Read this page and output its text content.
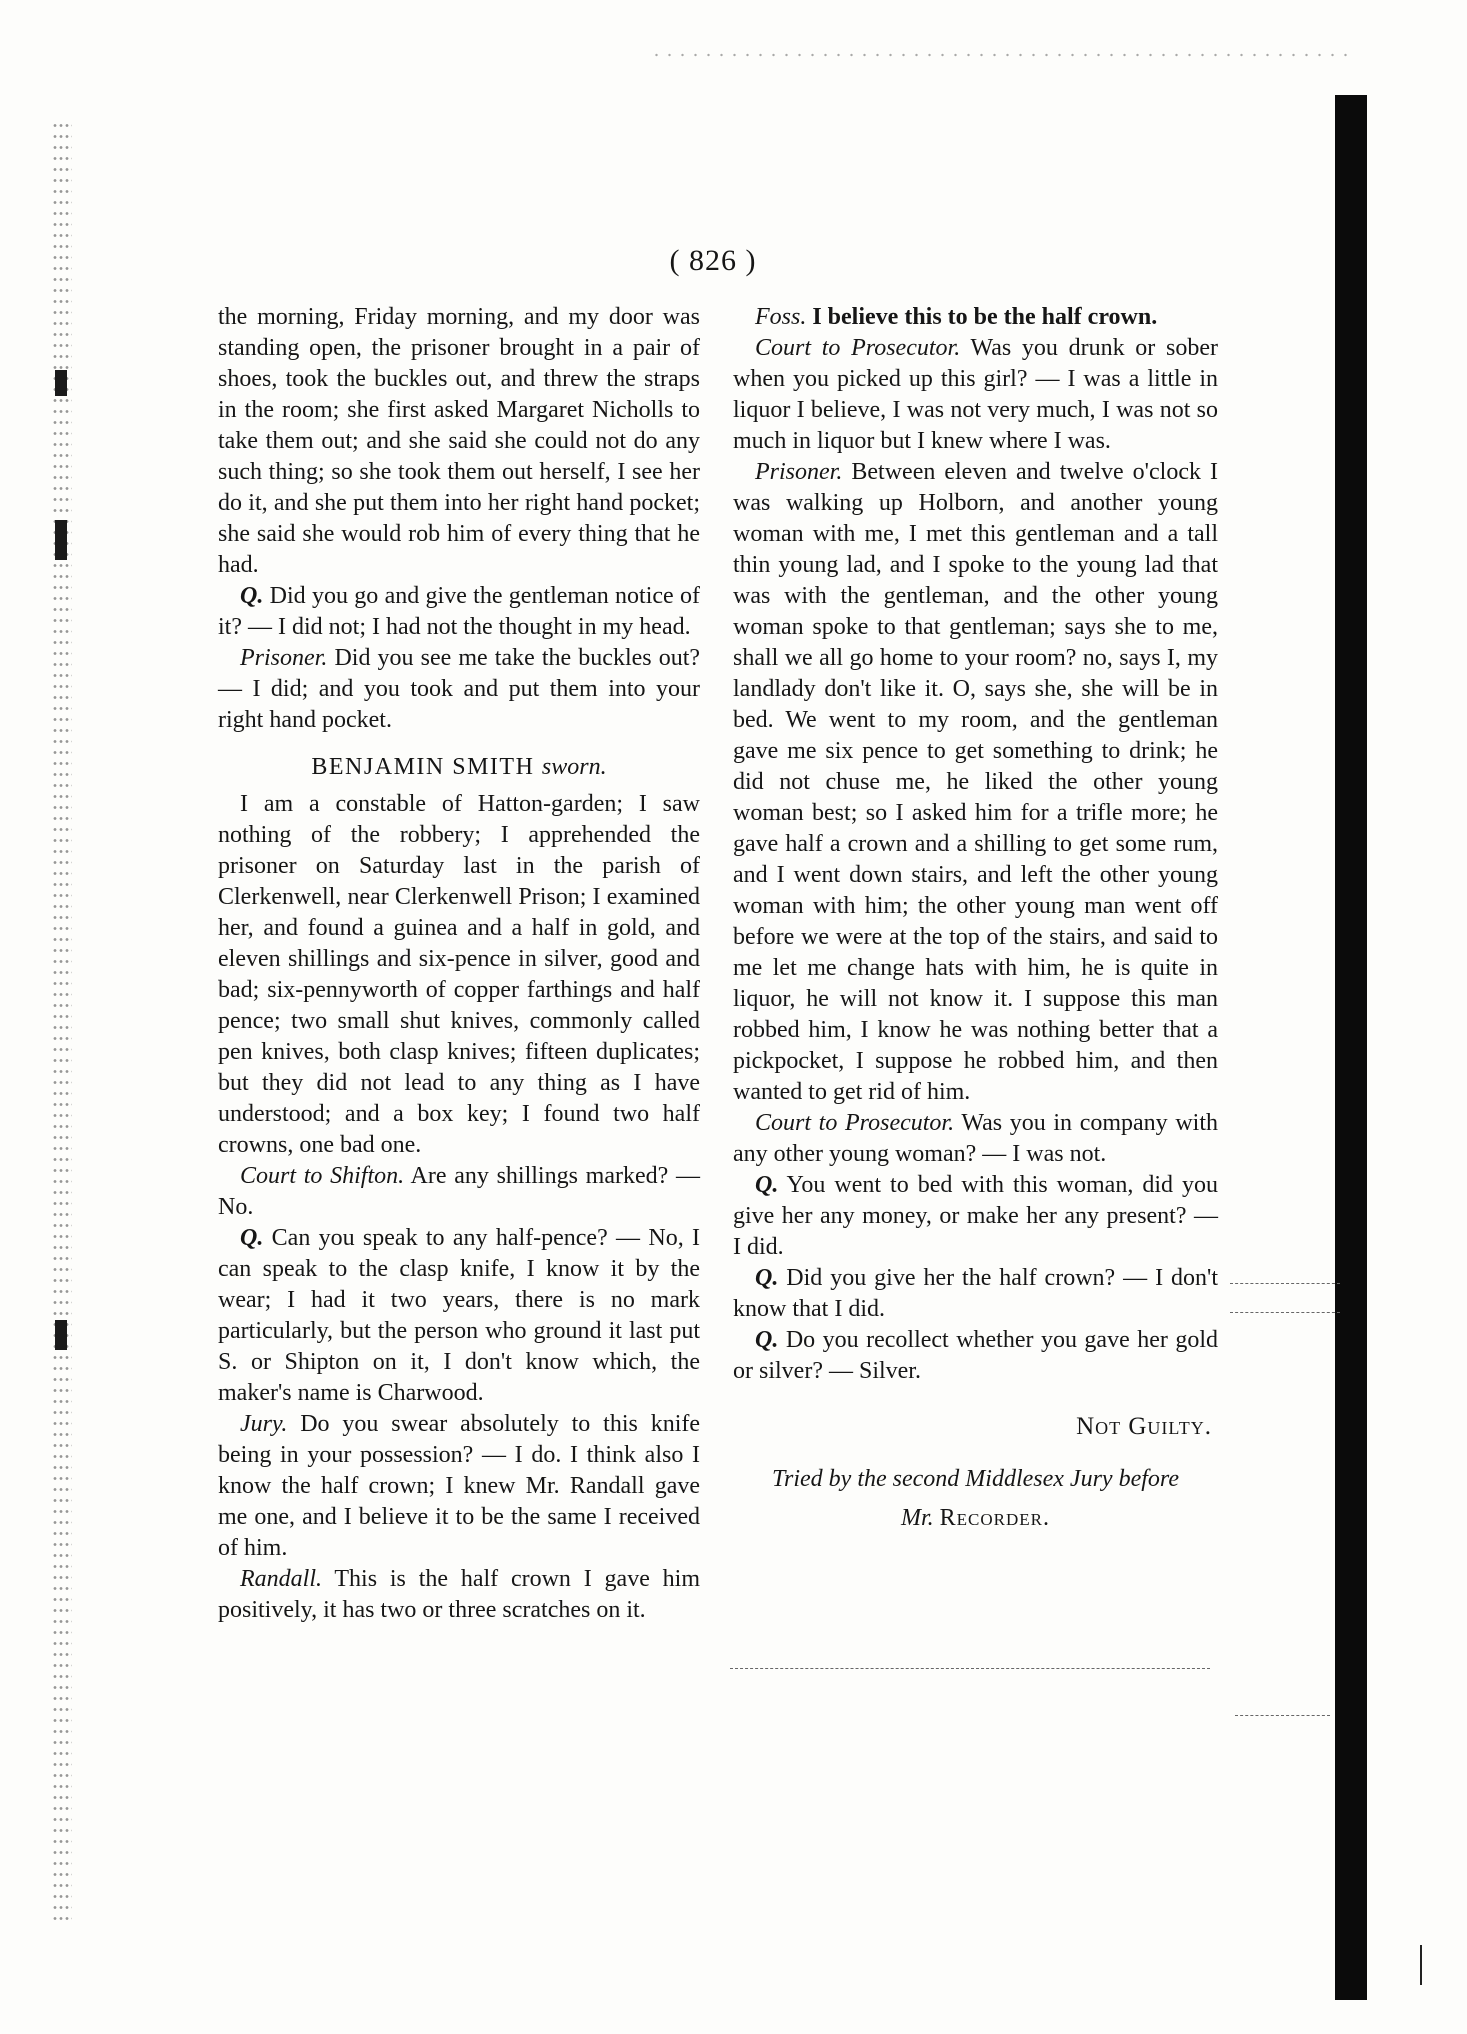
( 826 )

the morning, Friday morning, and my door was standing open, the prisoner brought in a pair of shoes, took the buckles out, and threw the straps in the room; she first asked Margaret Nicholls to take them out; and she said she could not do any such thing; so she took them out herself, I see her do it, and she put them into her right hand pocket; she said she would rob him of every thing that he had.

Q. Did you go and give the gentleman notice of it? — I did not; I had not the thought in my head.

Prisoner. Did you see me take the buckles out? — I did; and you took and put them into your right hand pocket.

BENJAMIN SMITH sworn.

I am a constable of Hatton-garden; I saw nothing of the robbery; I apprehended the prisoner on Saturday last in the parish of Clerkenwell, near Clerkenwell Prison; I examined her, and found a guinea and a half in gold, and eleven shillings and six-pence in silver, good and bad; six-pennyworth of copper farthings and half pence; two small shut knives, commonly called pen knives, both clasp knives; fifteen duplicates; but they did not lead to any thing as I have understood; and a box key; I found two half crowns, one bad one.

Court to Shifton. Are any shillings marked? — No.

Q. Can you speak to any half-pence? — No, I can speak to the clasp knife, I know it by the wear; I had it two years, there is no mark particularly, but the person who ground it last put S. or Shipton on it, I don't know which, the maker's name is Charwood.

Jury. Do you swear absolutely to this knife being in your possession? — I do. I think also I know the half crown; I knew Mr. Randall gave me one, and I believe it to be the same I received of him.

Randall. This is the half crown I gave him positively, it has two or three scratches on it.

Foss. I believe this to be the half crown.

Court to Prosecutor. Was you drunk or sober when you picked up this girl? — I was a little in liquor I believe, I was not very much, I was not so much in liquor but I knew where I was.

Prisoner. Between eleven and twelve o'clock I was walking up Holborn, and another young woman with me, I met this gentleman and a tall thin young lad, and I spoke to the young lad that was with the gentleman, and the other young woman spoke to that gentleman; says she to me, shall we all go home to your room? no, says I, my landlady don't like it. O, says she, she will be in bed. We went to my room, and the gentleman gave me six pence to get something to drink; he did not chuse me, he liked the other young woman best; so I asked him for a trifle more; he gave half a crown and a shilling to get some rum, and I went down stairs, and left the other young woman with him; the other young man went off before we were at the top of the stairs, and said to me let me change hats with him, he is quite in liquor, he will not know it. I suppose this man robbed him, I know he was nothing better that a pickpocket, I suppose he robbed him, and then wanted to get rid of him.

Court to Prosecutor. Was you in company with any other young woman? — I was not.

Q. You went to bed with this woman, did you give her any money, or make her any present? — I did.

Q. Did you give her the half crown? — I don't know that I did.

Q. Do you recollect whether you gave her gold or silver? — Silver.

Not Guilty.

Tried by the second Middlesex Jury before

Mr. Recorder.
